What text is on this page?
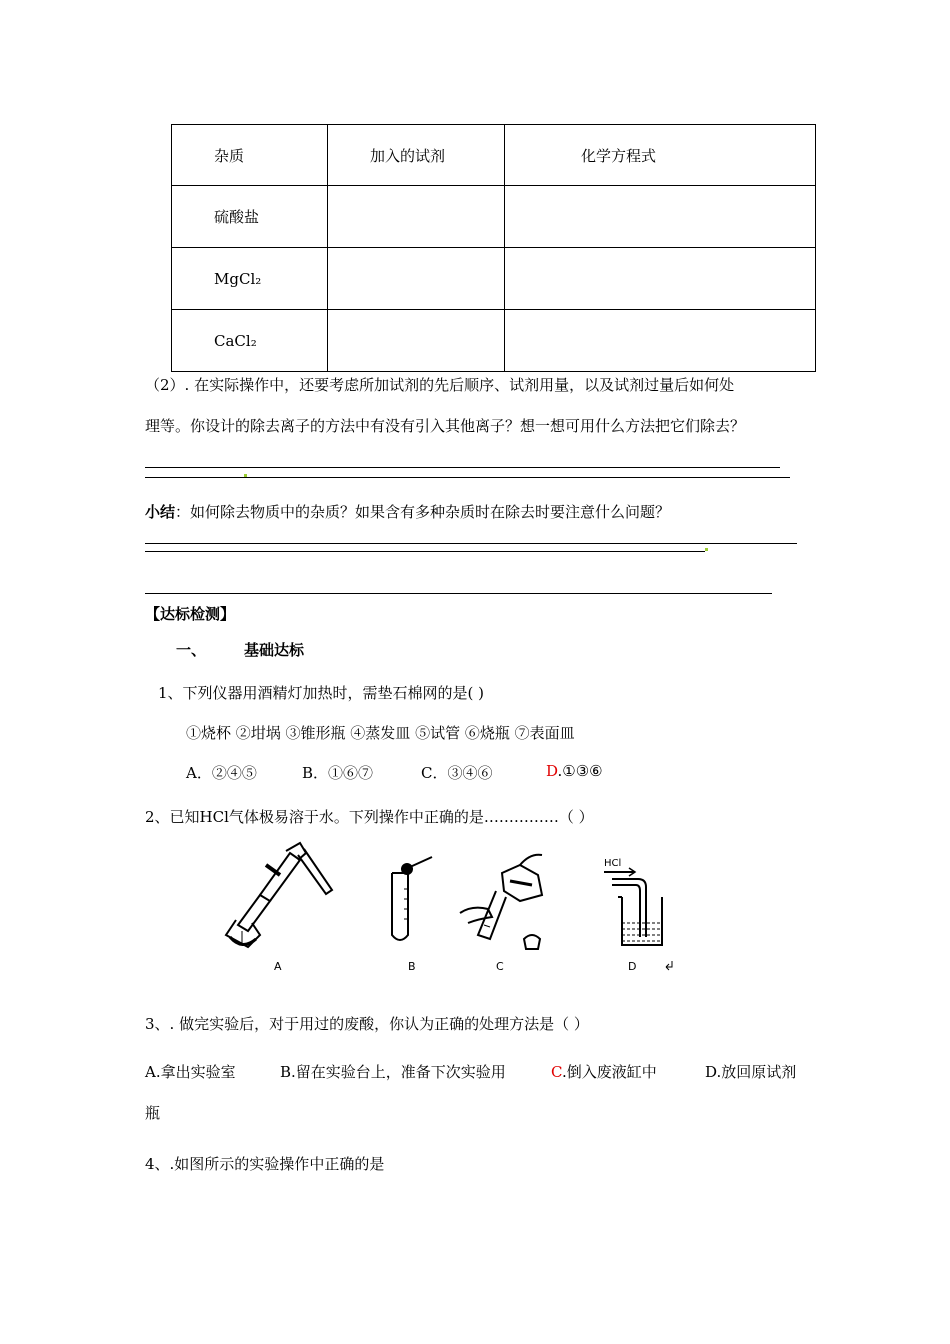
杂质	加入的试剂	化学方程式
硫酸盐		
MgCl₂		
CaCl₂		
（2）. 在实际操作中，还要考虑所加试剂的先后顺序、试剂用量，以及试剂过量后如何处
理等。你设计的除去离子的方法中有没有引入其他离子？想一想可用什么方法把它们除去？
小结：如何除去物质中的杂质？如果含有多种杂质时在除去时要注意什么问题？
【达标检测】
一、	基础达标
1、下列仪器用酒精灯加热时，需垫石棉网的是( )
①烧杯 ②坩埚 ③锥形瓶 ④蒸发皿 ⑤试管 ⑥烧瓶 ⑦表面皿
A．②④⑤	B．①⑥⑦	C．③④⑥	D.①③⑥
2、已知HCl气体极易溶于水。下列操作中正确的是……………（ ）
HCl
A	B	C	D
3、. 做完实验后，对于用过的废酸，你认为正确的处理方法是（ ）
A.拿出实验室	B.留在实验台上，准备下次实验用	C.倒入废液缸中	D.放回原试剂
瓶
4、.如图所示的实验操作中正确的是
